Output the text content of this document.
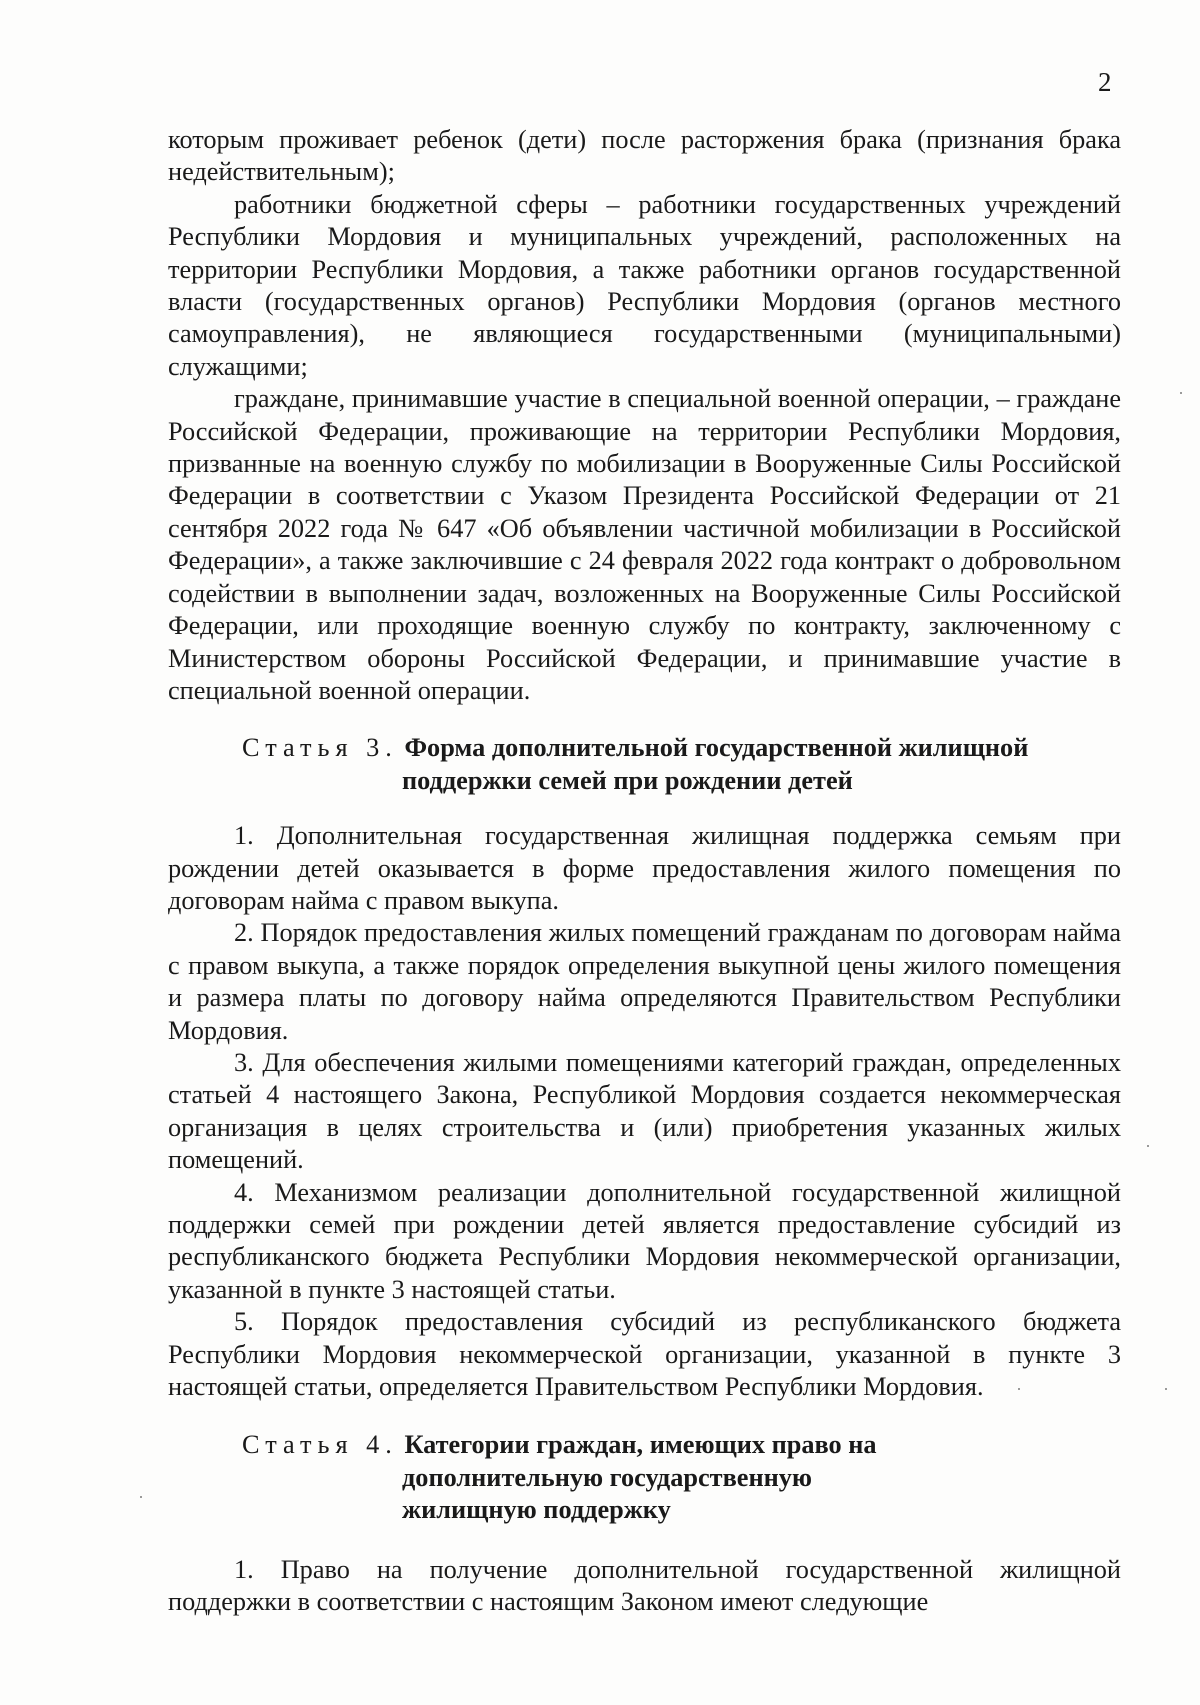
2

которым проживает ребенок (дети) после расторжения брака (признания брака недействительным);

работники бюджетной сферы – работники государственных учреждений Республики Мордовия и муниципальных учреждений, расположенных на территории Республики Мордовия, а также работники органов государственной власти (государственных органов) Республики Мордовия (органов местного самоуправления), не являющиеся государственными (муниципальными) служащими;

граждане, принимавшие участие в специальной военной операции, – граждане Российской Федерации, проживающие на территории Республики Мордовия, призванные на военную службу по мобилизации в Вооруженные Силы Российской Федерации в соответствии с Указом Президента Российской Федерации от 21 сентября 2022 года № 647 «Об объявлении частичной мобилизации в Российской Федерации», а также заключившие с 24 февраля 2022 года контракт о добровольном содействии в выполнении задач, возложенных на Вооруженные Силы Российской Федерации, или проходящие военную службу по контракту, заключенному с Министерством обороны Российской Федерации, и принимавшие участие в специальной военной операции.

Статья 3. Форма дополнительной государственной жилищной
поддержки семей при рождении детей

1. Дополнительная государственная жилищная поддержка семьям при рождении детей оказывается в форме предоставления жилого помещения по договорам найма с правом выкупа.

2. Порядок предоставления жилых помещений гражданам по договорам найма с правом выкупа, а также порядок определения выкупной цены жилого помещения и размера платы по договору найма определяются Правительством Республики Мордовия.

3. Для обеспечения жилыми помещениями категорий граждан, определенных статьей 4 настоящего Закона, Республикой Мордовия создается некоммерческая организация в целях строительства и (или) приобретения указанных жилых помещений.

4. Механизмом реализации дополнительной государственной жилищной поддержки семей при рождении детей является предоставление субсидий из республиканского бюджета Республики Мордовия некоммерческой организации, указанной в пункте 3 настоящей статьи.

5. Порядок предоставления субсидий из республиканского бюджета Республики Мордовия некоммерческой организации, указанной в пункте 3 настоящей статьи, определяется Правительством Республики Мордовия.

Статья 4. Категории граждан, имеющих право на
дополнительную государственную
жилищную поддержку

1. Право на получение дополнительной государственной жилищной поддержки в соответствии с настоящим Законом имеют следующие
